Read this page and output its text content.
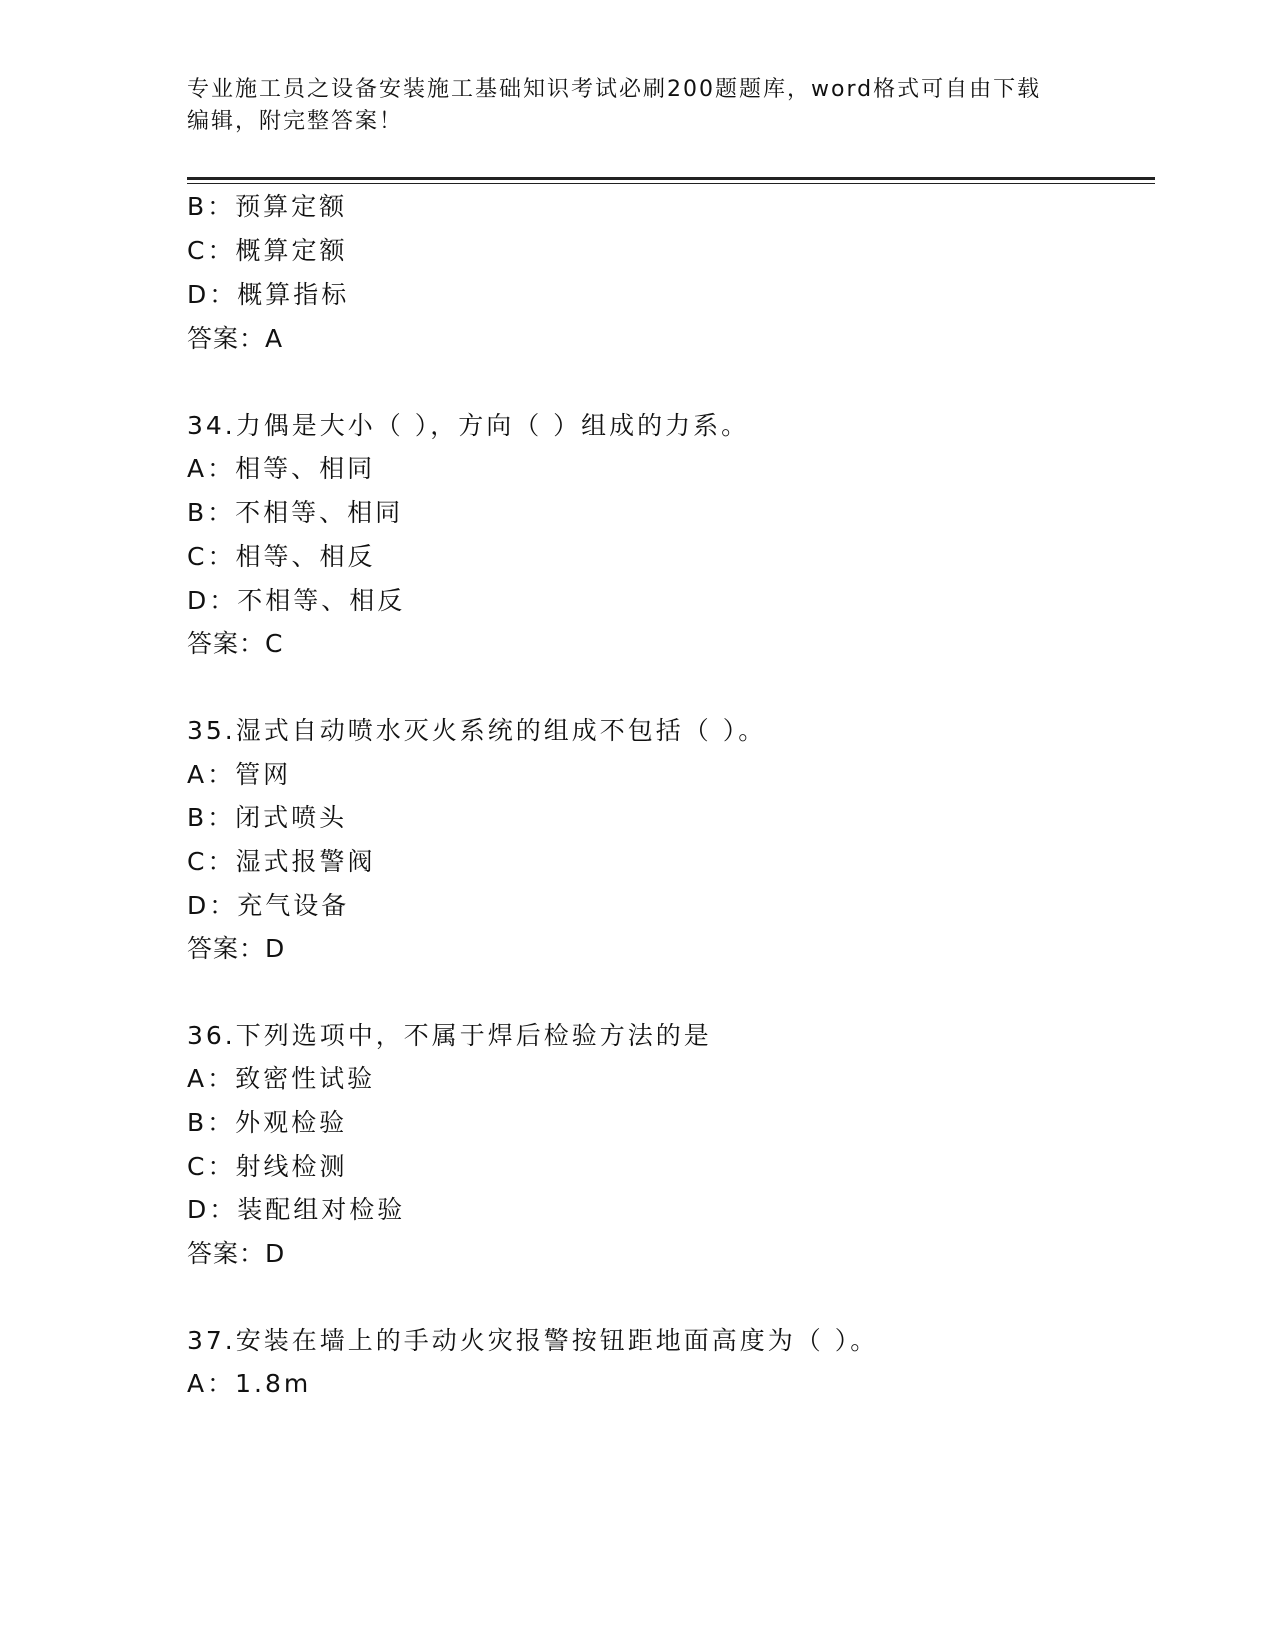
专业施工员之设备安装施工基础知识考试必刷200题题库，word格式可自由下载
编辑，附完整答案！
B：预算定额
C：概算定额
D：概算指标
答案：A
34.力偶是大小（ ），方向（ ）组成的力系。
A：相等、相同
B：不相等、相同
C：相等、相反
D：不相等、相反
答案：C
35.湿式自动喷水灭火系统的组成不包括（ ）。
A：管网
B：闭式喷头
C：湿式报警阀
D：充气设备
答案：D
36.下列选项中，不属于焊后检验方法的是
A：致密性试验
B：外观检验
C：射线检测
D：装配组对检验
答案：D
37.安装在墙上的手动火灾报警按钮距地面高度为（ ）。
A：1.8m
